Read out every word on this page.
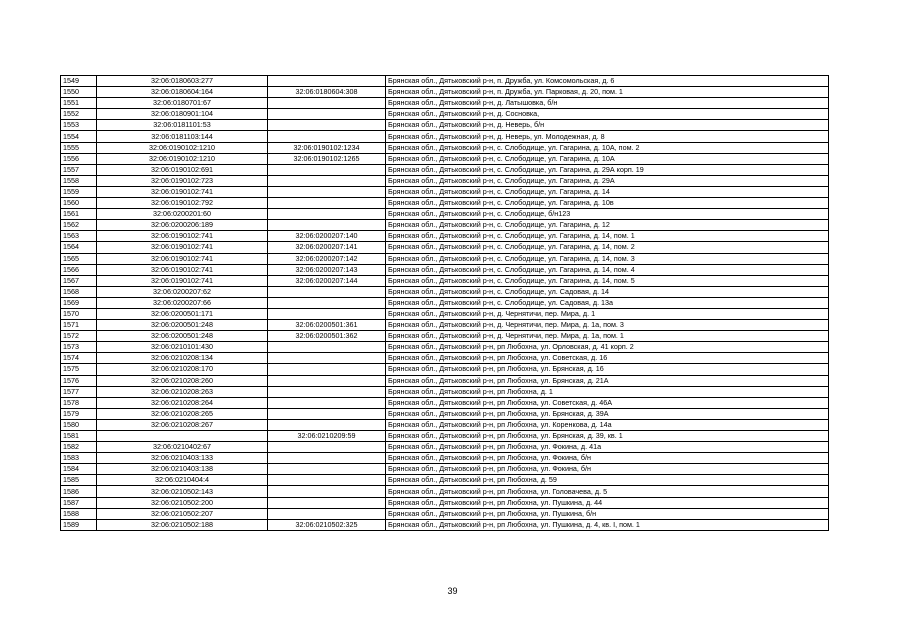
1549	32:06:0180603:277		Брянская обл., Дятьковский р-н, п. Дружба, ул. Комсомольская, д. 6
1550	32:06:0180604:164	32:06:0180604:308	Брянская обл., Дятьковский р-н, п. Дружба, ул. Парковая, д. 20, пом. 1
1551	32:06:0180701:67		Брянская обл., Дятьковский р-н, д. Латышовка, б/н
1552	32:06:0180901:104		Брянская обл., Дятьковский р-н, д. Сосновка,
1553	32:06:0181101:53		Брянская обл., Дятьковский р-н, д. Неверь, б/н
1554	32:06:0181103:144		Брянская обл., Дятьковский р-н, д. Неверь, ул. Молодежная, д. 8
1555	32:06:0190102:1210	32:06:0190102:1234	Брянская обл., Дятьковский р-н, с. Слободище, ул. Гагарина, д. 10А, пом. 2
1556	32:06:0190102:1210	32:06:0190102:1265	Брянская обл., Дятьковский р-н, с. Слободище, ул. Гагарина, д. 10А
1557	32:06:0190102:691		Брянская обл., Дятьковский р-н, с. Слободище, ул. Гагарина, д. 29А корп. 19
1558	32:06:0190102:723		Брянская обл., Дятьковский р-н, с. Слободище, ул. Гагарина, д. 29А
1559	32:06:0190102:741		Брянская обл., Дятьковский р-н, с. Слободище, ул. Гагарина, д. 14
1560	32:06:0190102:792		Брянская обл., Дятьковский р-н, с. Слободище, ул. Гагарина, д. 10в
1561	32:06:0200201:60		Брянская обл., Дятьковский р-н, с. Слободище, б/н123
1562	32:06:0200206:189		Брянская обл., Дятьковский р-н, с. Слободище, ул. Гагарина, д. 12
1563	32:06:0190102:741	32:06:0200207:140	Брянская обл., Дятьковский р-н, с. Слободище, ул. Гагарина, д. 14, пом. 1
1564	32:06:0190102:741	32:06:0200207:141	Брянская обл., Дятьковский р-н, с. Слободище, ул. Гагарина, д. 14, пом. 2
1565	32:06:0190102:741	32:06:0200207:142	Брянская обл., Дятьковский р-н, с. Слободище, ул. Гагарина, д. 14, пом. 3
1566	32:06:0190102:741	32:06:0200207:143	Брянская обл., Дятьковский р-н, с. Слободище, ул. Гагарина, д. 14, пом. 4
1567	32:06:0190102:741	32:06:0200207:144	Брянская обл., Дятьковский р-н, с. Слободище, ул. Гагарина, д. 14, пом. 5
1568	32:06:0200207:62		Брянская обл., Дятьковский р-н, с. Слободище, ул. Садовая, д. 14
1569	32:06:0200207:66		Брянская обл., Дятьковский р-н, с. Слободище, ул. Садовая, д. 13а
1570	32:06:0200501:171		Брянская обл., Дятьковский р-н, д. Чернятичи, пер. Мира, д. 1
1571	32:06:0200501:248	32:06:0200501:361	Брянская обл., Дятьковский р-н, д. Чернятичи, пер. Мира, д. 1а, пом. 3
1572	32:06:0200501:248	32:06:0200501:362	Брянская обл., Дятьковский р-н, д. Чернятичи, пер. Мира, д. 1а, пом. 1
1573	32:06:0210101:430		Брянская обл., Дятьковский р-н, рп Любохна, ул. Орловская, д. 41 корп. 2
1574	32:06:0210208:134		Брянская обл., Дятьковский р-н, рп Любохна, ул. Советская, д. 16
1575	32:06:0210208:170		Брянская обл., Дятьковский р-н, рп Любохна, ул. Брянская, д. 16
1576	32:06:0210208:260		Брянская обл., Дятьковский р-н, рп Любохна, ул. Брянская, д. 21А
1577	32:06:0210208:263		Брянская обл., Дятьковский р-н, рп Любохна, д. 1
1578	32:06:0210208:264		Брянская обл., Дятьковский р-н, рп Любохна, ул. Советская, д. 46А
1579	32:06:0210208:265		Брянская обл., Дятьковский р-н, рп Любохна, ул. Брянская, д. 39А
1580	32:06:0210208:267		Брянская обл., Дятьковский р-н, рп Любохна, ул. Коренкова, д. 14а
1581		32:06:0210209:59	Брянская обл., Дятьковский р-н, рп Любохна, ул. Брянская, д. 39, кв. 1
1582	32:06:0210402:67		Брянская обл., Дятьковский р-н, рп Любохна, ул. Фокина, д. 41а
1583	32:06:0210403:133		Брянская обл., Дятьковский р-н, рп Любохна, ул. Фокина, б/н
1584	32:06:0210403:138		Брянская обл., Дятьковский р-н, рп Любохна, ул. Фокина, б/н
1585	32:06:0210404:4		Брянская обл., Дятьковский р-н, рп Любохна, д. 59
1586	32:06:0210502:143		Брянская обл., Дятьковский р-н, рп Любохна, ул. Головачева, д. 5
1587	32:06:0210502:200		Брянская обл., Дятьковский р-н, рп Любохна, ул. Пушкина, д. 44
1588	32:06:0210502:207		Брянская обл., Дятьковский р-н, рп Любохна, ул. Пушкина, б/н
1589	32:06:0210502:188	32:06:0210502:325	Брянская обл., Дятьковский р-н, рп Любохна, ул. Пушкина, д. 4, кв. I, пом. 1
39
